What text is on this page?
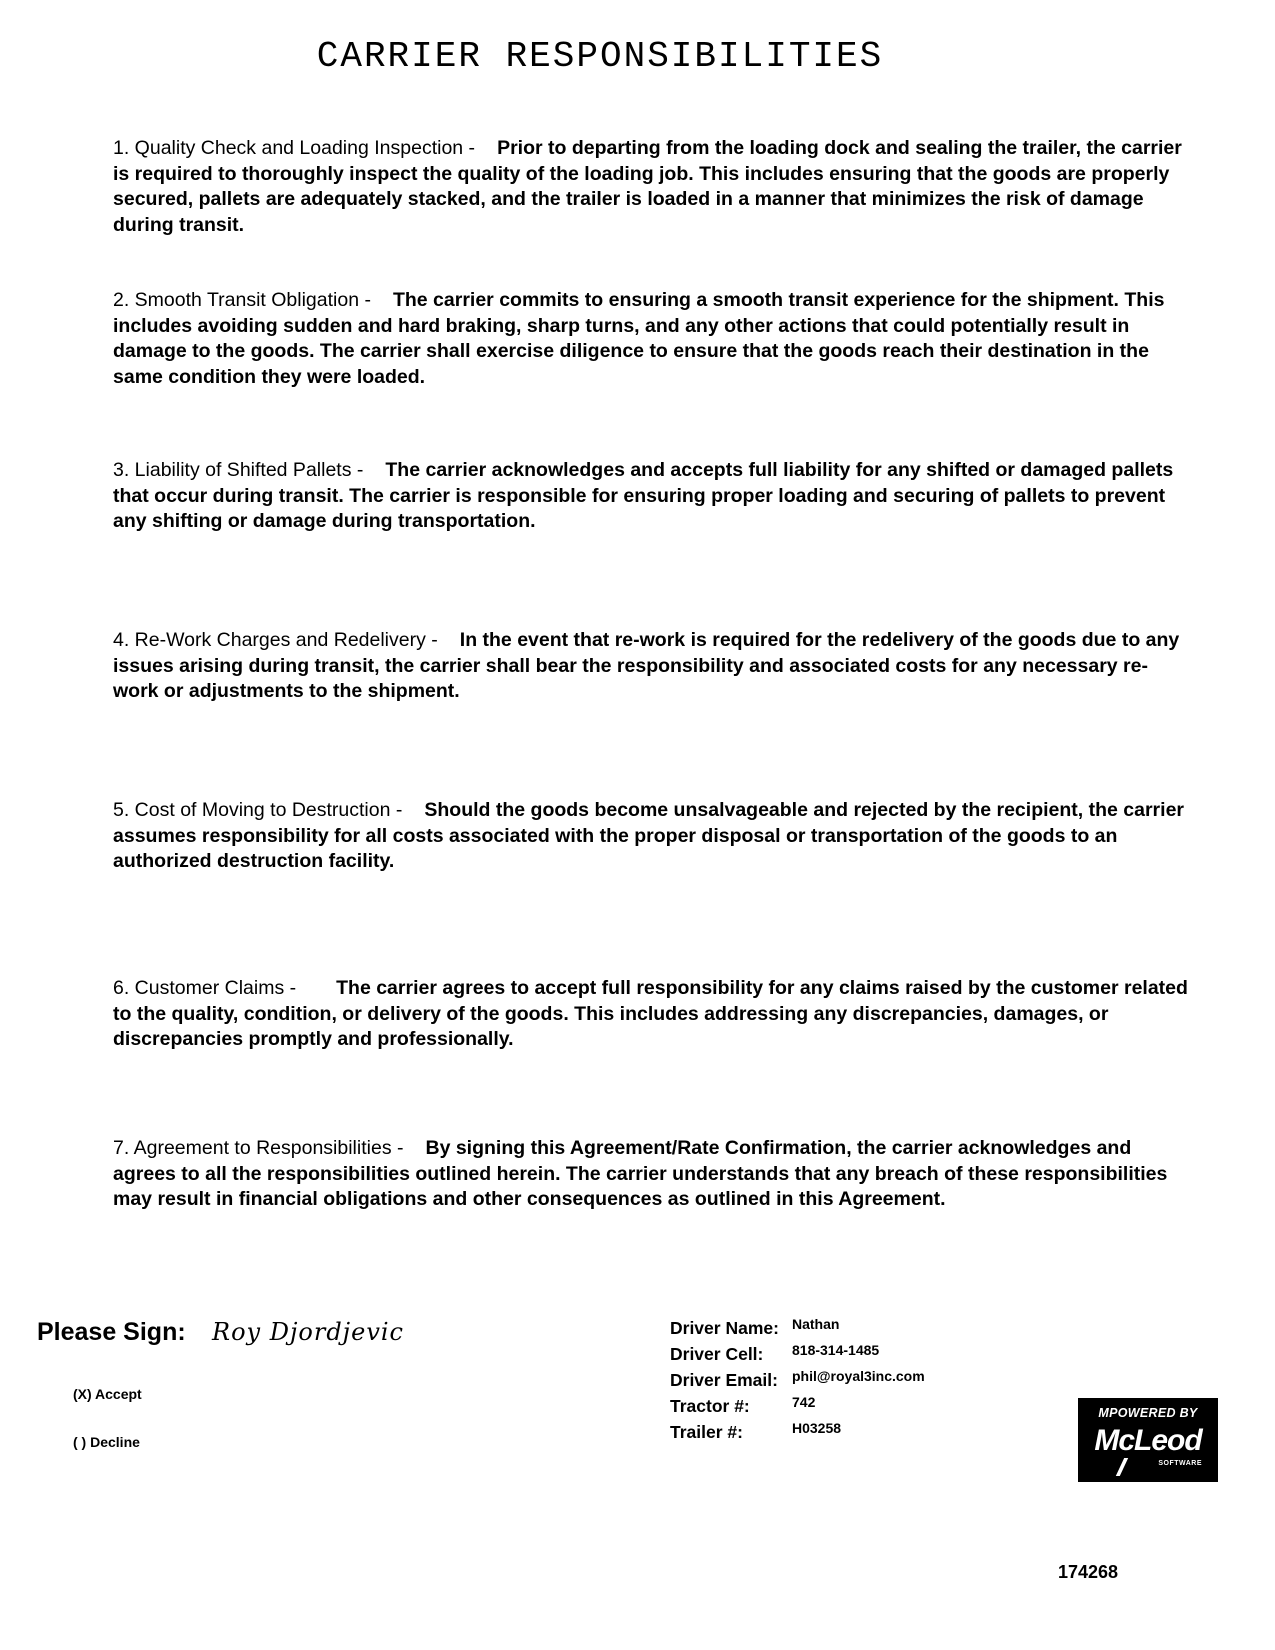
CARRIER RESPONSIBILITIES
1. Quality Check and Loading Inspection - Prior to departing from the loading dock and sealing the trailer, the carrier is required to thoroughly inspect the quality of the loading job. This includes ensuring that the goods are properly secured, pallets are adequately stacked, and the trailer is loaded in a manner that minimizes the risk of damage during transit.
2. Smooth Transit Obligation - The carrier commits to ensuring a smooth transit experience for the shipment. This includes avoiding sudden and hard braking, sharp turns, and any other actions that could potentially result in damage to the goods. The carrier shall exercise diligence to ensure that the goods reach their destination in the same condition they were loaded.
3. Liability of Shifted Pallets - The carrier acknowledges and accepts full liability for any shifted or damaged pallets that occur during transit. The carrier is responsible for ensuring proper loading and securing of pallets to prevent any shifting or damage during transportation.
4. Re-Work Charges and Redelivery - In the event that re-work is required for the redelivery of the goods due to any issues arising during transit, the carrier shall bear the responsibility and associated costs for any necessary re-work or adjustments to the shipment.
5. Cost of Moving to Destruction - Should the goods become unsalvageable and rejected by the recipient, the carrier assumes responsibility for all costs associated with the proper disposal or transportation of the goods to an authorized destruction facility.
6. Customer Claims - The carrier agrees to accept full responsibility for any claims raised by the customer related to the quality, condition, or delivery of the goods. This includes addressing any discrepancies, damages, or discrepancies promptly and professionally.
7. Agreement to Responsibilities - By signing this Agreement/Rate Confirmation, the carrier acknowledges and agrees to all the responsibilities outlined herein. The carrier understands that any breach of these responsibilities may result in financial obligations and other consequences as outlined in this Agreement.
Please Sign: Roy Djordjevic
(X) Accept
( ) Decline
Driver Name: Nathan
Driver Cell: 818-314-1485
Driver Email: phil@royal3inc.com
Tractor #:	742
Trailer #:	H03258
MPOWERED BY
McLeod
SOFTWARE
174268
